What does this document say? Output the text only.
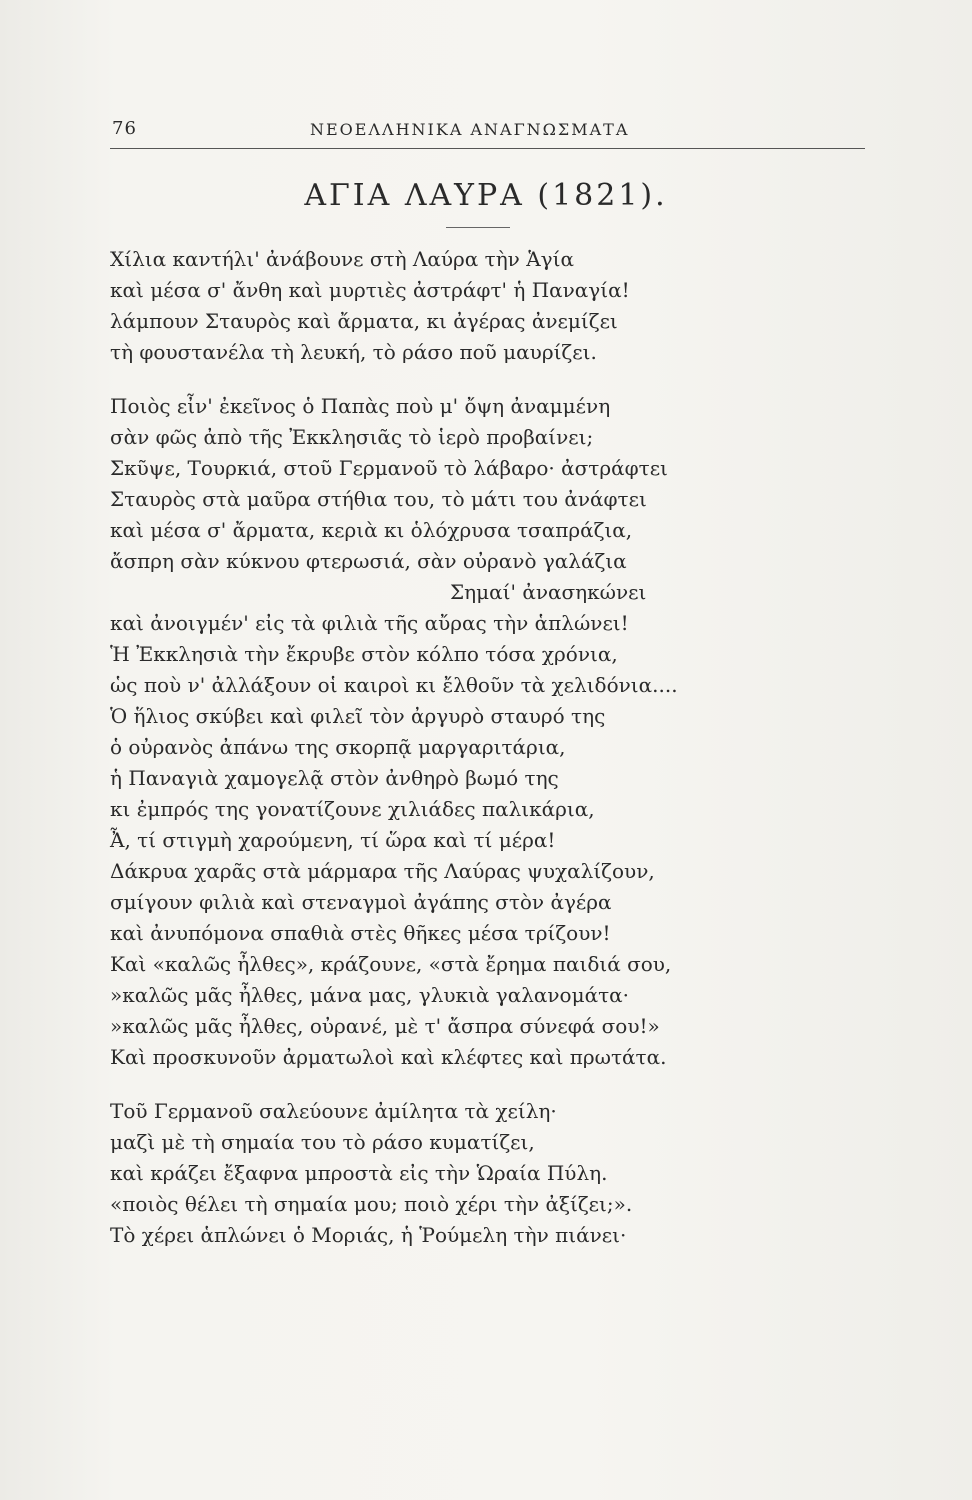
76	ΝΕΟΕΛΛΗΝΙΚΑ ΑΝΑΓΝΩΣΜΑΤΑ
ΑΓΙΑ ΛΑΥΡΑ (1821).
Χίλια καντήλι' ἀνάβουνε στὴ Λαύρα τὴν Ἁγία
καὶ μέσα σ' ἄνθη καὶ μυρτιὲς ἀστράφτ' ἡ Παναγία!
λάμπουν Σταυρὸς καὶ ἄρματα, κι ἀγέρας ἀνεμίζει
τὴ φουστανέλα τὴ λευκή, τὸ ράσο ποῦ μαυρίζει.
Ποιὸς εἶν' ἐκεῖνος ὁ Παπὰς ποὺ μ' ὄψη ἀναμμένη
σὰν φῶς ἀπὸ τῆς Ἐκκλησιᾶς τὸ ἱερὸ προβαίνει;
Σκῦψε, Τουρκιά, στοῦ Γερμανοῦ τὸ λάβαρο· ἀστράφτει
Σταυρὸς στὰ μαῦρα στήθια του, τὸ μάτι του ἀνάφτει
καὶ μέσα σ' ἄρματα, κεριὰ κι ὁλόχρυσα τσαπράζια,
ἄσπρη σὰν κύκνου φτερωσιά, σὰν οὐρανὸ γαλάζια
Σημαί' ἀνασηκώνει
καὶ ἀνοιγμέν' εἰς τὰ φιλιὰ τῆς αὔρας τὴν ἁπλώνει!
Ἡ Ἐκκλησιὰ τὴν ἔκρυβε στὸν κόλπο τόσα χρόνια,
ὡς ποὺ ν' ἀλλάξουν οἱ καιροὶ κι ἔλθοῦν τὰ χελιδόνια....
Ὁ ἥλιος σκύβει καὶ φιλεῖ τὸν ἀργυρὸ σταυρό της
ὁ οὐρανὸς ἀπάνω της σκορπᾷ μαργαριτάρια,
ἡ Παναγιὰ χαμογελᾷ στὸν ἀνθηρὸ βωμό της
κι ἐμπρός της γονατίζουνε χιλιάδες παλικάρια,
Ἆ, τί στιγμὴ χαρούμενη, τί ὥρα καὶ τί μέρα!
Δάκρυα χαρᾶς στὰ μάρμαρα τῆς Λαύρας ψυχαλίζουν,
σμίγουν φιλιὰ καὶ στεναγμοὶ ἀγάπης στὸν ἀγέρα
καὶ ἀνυπόμονα σπαθιὰ στὲς θῆκες μέσα τρίζουν!
Καὶ «καλῶς ἦλθες», κράζουνε, «στὰ ἔρημα παιδιά σου,
»καλῶς μᾶς ἦλθες, μάνα μας, γλυκιὰ γαλανομάτα·
»καλῶς μᾶς ἦλθες, οὐρανέ, μὲ τ' ἄσπρα σύνεφά σου!»
Καὶ προσκυνοῦν ἀρματωλοὶ καὶ κλέφτες καὶ πρωτάτα.
Τοῦ Γερμανοῦ σαλεύουνε ἀμίλητα τὰ χείλη·
μαζὶ μὲ τὴ σημαία του τὸ ράσο κυματίζει,
καὶ κράζει ἔξαφνα μπροστὰ εἰς τὴν Ὡραία Πύλη.
«ποιὸς θέλει τὴ σημαία μου; ποιὸ χέρι τὴν ἀξίζει;».
Τὸ χέρει ἁπλώνει ὁ Μοριάς, ἡ Ῥούμελη τὴν πιάνει·
